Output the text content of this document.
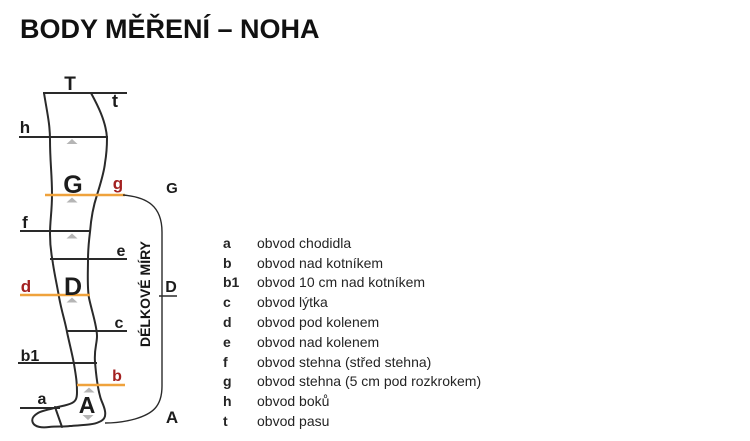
BODY MĚŘENÍ – NOHA
DÉLKOVÉ MÍRY
T
t
h
G g
f
e
d D
c
b1
b
a A
G
D
A
a	obvod chodidla
b	obvod nad kotníkem
b1	obvod 10 cm nad kotníkem
c	obvod lýtka
d	obvod pod kolenem
e	obvod nad kolenem
f	obvod stehna (střed stehna)
g	obvod stehna (5 cm pod rozkrokem)
h	obvod boků
t	obvod pasu
